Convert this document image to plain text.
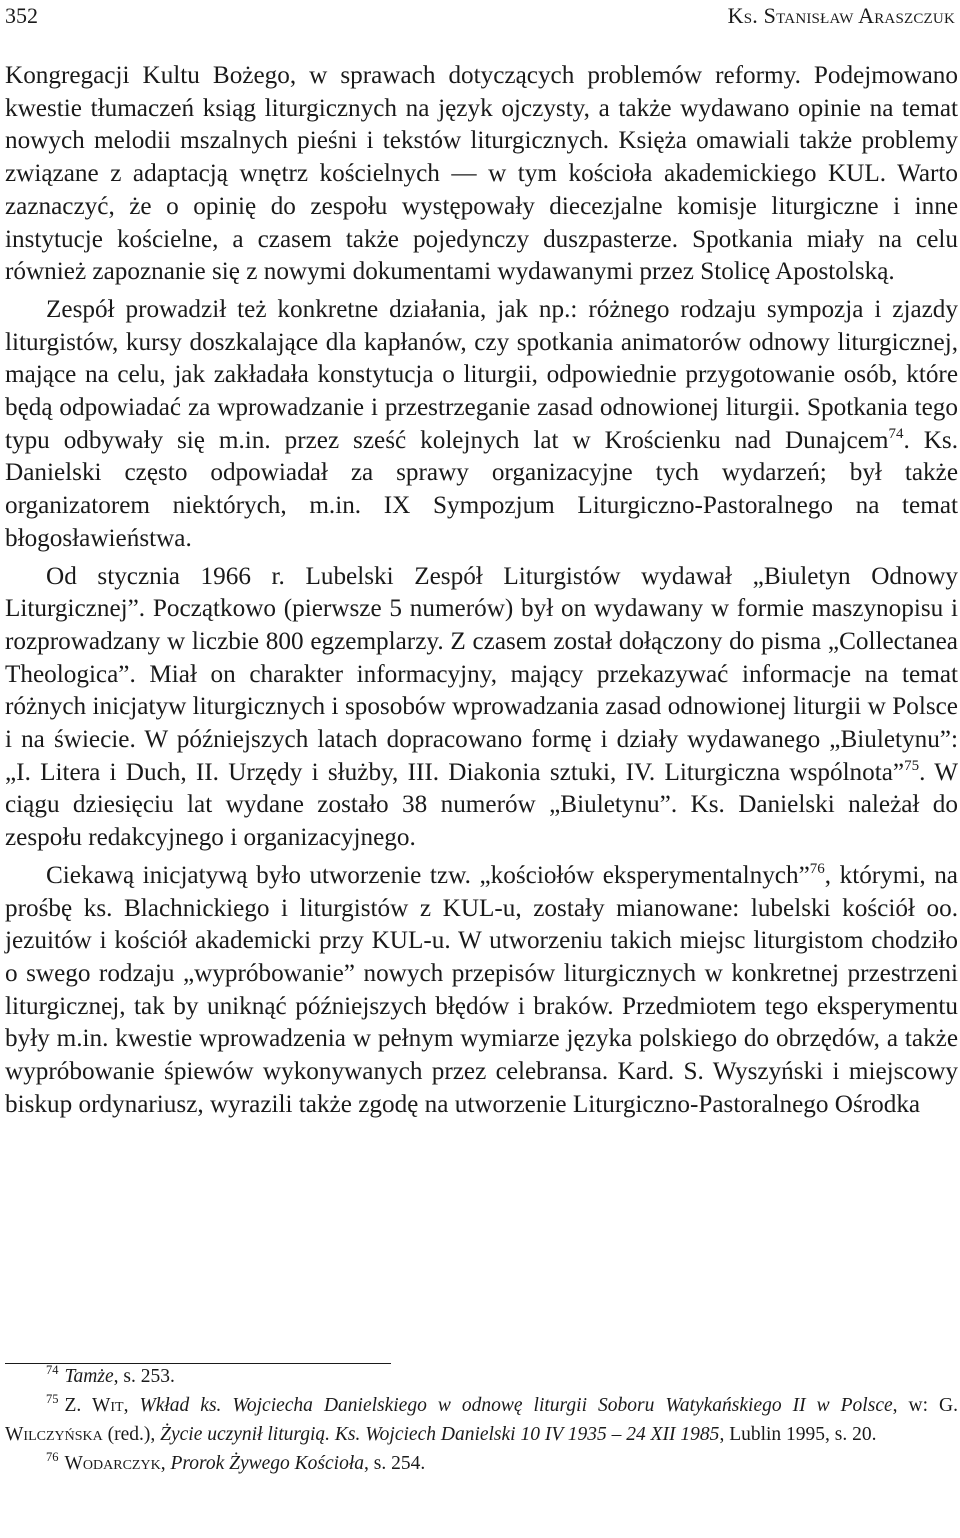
352	Ks. Stanisław Araszczuk

Kongregacji Kultu Bożego, w sprawach dotyczących problemów reformy. Podejmowano kwestie tłumaczeń ksiąg liturgicznych na język ojczysty, a także wydawano opinie na temat nowych melodii mszalnych pieśni i tekstów liturgicznych. Księża omawiali także problemy związane z adaptacją wnętrz kościelnych — w tym kościoła akademickiego KUL. Warto zaznaczyć, że o opinię do zespołu występowały diecezjalne komisje liturgiczne i inne instytucje kościelne, a czasem także pojedynczy duszpasterze. Spotkania miały na celu również zapoznanie się z nowymi dokumentami wydawanymi przez Stolicę Apostolską.

Zespół prowadził też konkretne działania, jak np.: różnego rodzaju sympozja i zjazdy liturgistów, kursy doszkalające dla kapłanów, czy spotkania animatorów odnowy liturgicznej, mające na celu, jak zakładała konstytucja o liturgii, odpowiednie przygotowanie osób, które będą odpowiadać za wprowadzanie i przestrzeganie zasad odnowionej liturgii. Spotkania tego typu odbywały się m.in. przez sześć kolejnych lat w Krościenku nad Dunajcem$^{74}$. Ks. Danielski często odpowiadał za sprawy organizacyjne tych wydarzeń; był także organizatorem niektórych, m.in. IX Sympozjum Liturgiczno-Pastoralnego na temat błogosławieństwa.

Od stycznia 1966 r. Lubelski Zespół Liturgistów wydawał „Biuletyn Odnowy Liturgicznej”. Początkowo (pierwsze 5 numerów) był on wydawany w formie maszynopisu i rozprowadzany w liczbie 800 egzemplarzy. Z czasem został dołączony do pisma „Collectanea Theologica”. Miał on charakter informacyjny, mający przekazywać informacje na temat różnych inicjatyw liturgicznych i sposobów wprowadzania zasad odnowionej liturgii w Polsce i na świecie. W późniejszych latach dopracowano formę i działy wydawanego „Biuletynu”: „I. Litera i Duch, II. Urzędy i służby, III. Diakonia sztuki, IV. Liturgiczna wspólnota”$^{75}$. W ciągu dziesięciu lat wydane zostało 38 numerów „Biuletynu”. Ks. Danielski należał do zespołu redakcyjnego i organizacyjnego.

Ciekawą inicjatywą było utworzenie tzw. „kościołów eksperymentalnych”$^{76}$, którymi, na prośbę ks. Blachnickiego i liturgistów z KUL-u, zostały mianowane: lubelski kościół oo. jezuitów i kościół akademicki przy KUL-u. W utworzeniu takich miejsc liturgistom chodziło o swego rodzaju „wypróbowanie” nowych przepisów liturgicznych w konkretnej przestrzeni liturgicznej, tak by uniknąć późniejszych błędów i braków. Przedmiotem tego eksperymentu były m.in. kwestie wprowadzenia w pełnym wymiarze języka polskiego do obrzędów, a także wypróbowanie śpiewów wykonywanych przez celebransa. Kard. S. Wyszyński i miejscowy biskup ordynariusz, wyrazili także zgodę na utworzenie Liturgiczno-Pastoralnego Ośrodka

$^{74}$ Tamże, s. 253.

$^{75}$ Z. Wit, Wkład ks. Wojciecha Danielskiego w odnowę liturgii Soboru Watykańskiego II w Polsce, w: G. Wilczyńska (red.), Życie uczynił liturgią. Ks. Wojciech Danielski 10 IV 1935 – 24 XII 1985, Lublin 1995, s. 20.

$^{76}$ Wodarczyk, Prorok Żywego Kościoła, s. 254.
